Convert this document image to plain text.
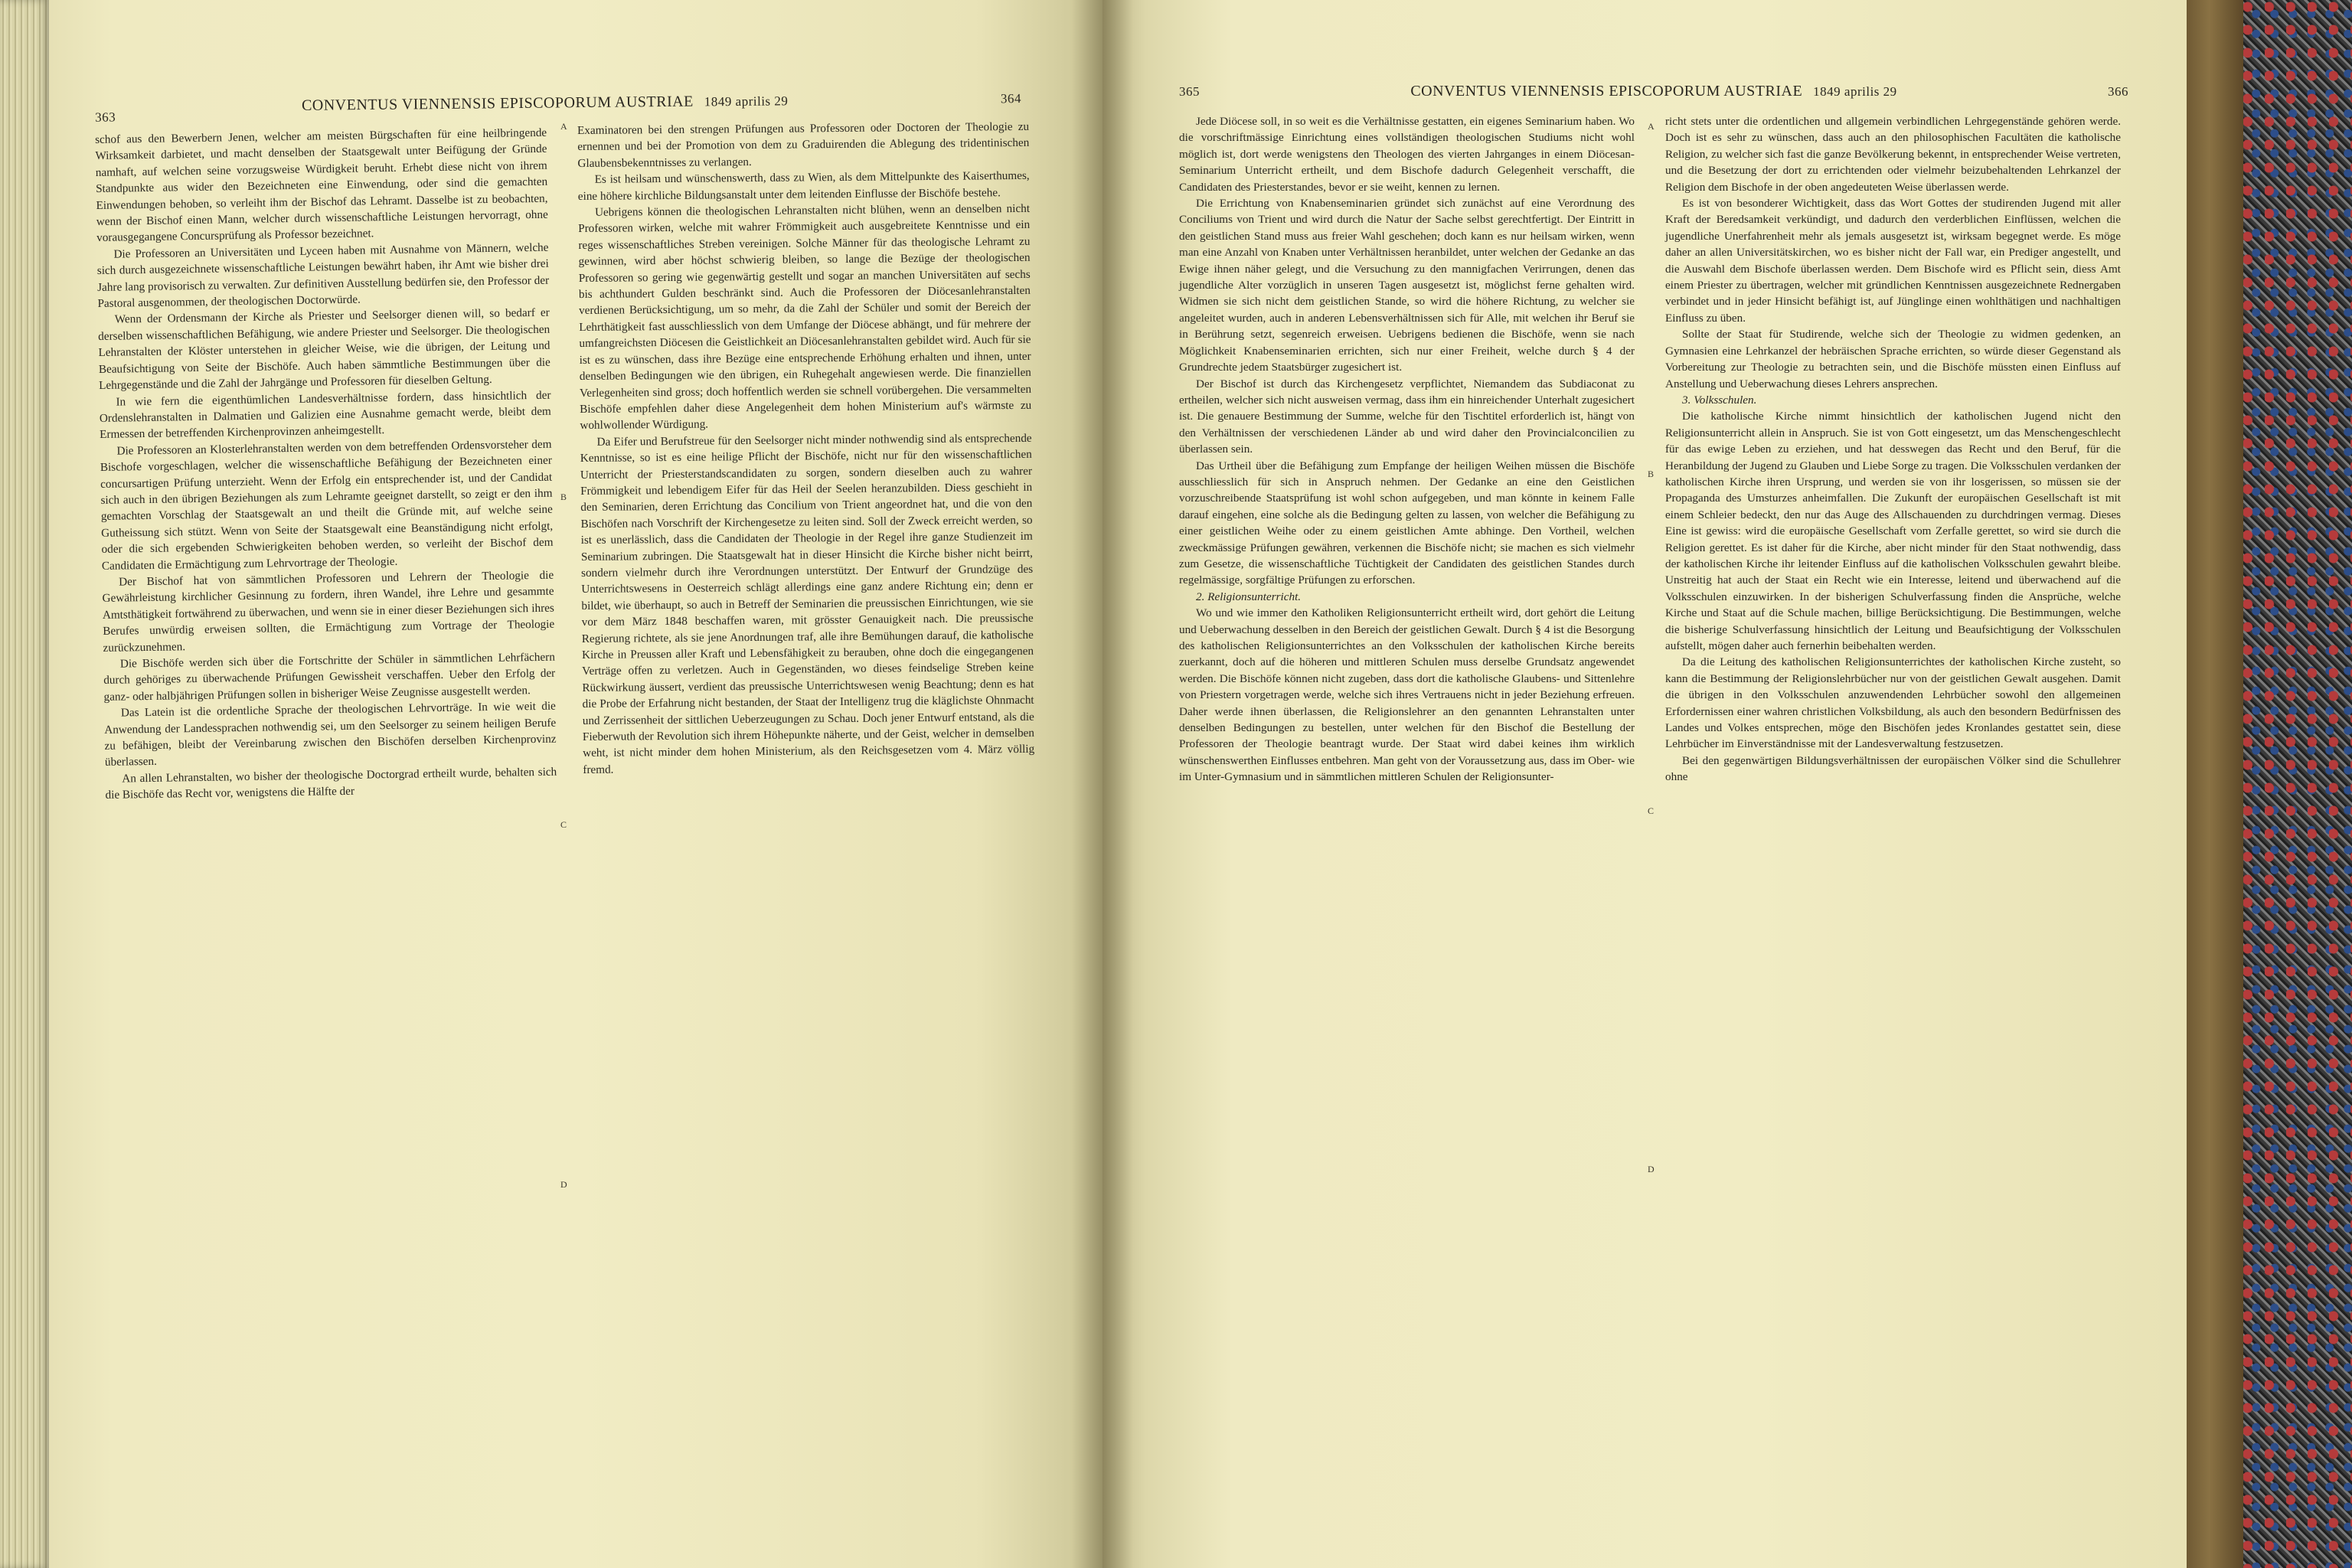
363
CONVENTUS VIENNENSIS EPISCOPORUM AUSTRIAE 1849 aprilis 29	364

schof aus den Bewerbern Jenen, welcher am meisten Bürgschaften für eine heilbringende Wirksamkeit darbietet, und macht denselben der Staatsgewalt unter Beifügung der Gründe namhaft, auf welchen seine vorzugsweise Würdigkeit beruht. Erhebt diese nicht von ihrem Standpunkte aus wider den Bezeichneten eine Einwendung, oder sind die gemachten Einwendungen behoben, so verleiht ihm der Bischof das Lehramt. Dasselbe ist zu beobachten, wenn der Bischof einen Mann, welcher durch wissenschaftliche Leistungen hervorragt, ohne vorausgegangene Concursprüfung als Professor bezeichnet.

Die Professoren an Universitäten und Lyceen haben mit Ausnahme von Männern, welche sich durch ausgezeichnete wissenschaftliche Leistungen bewährt haben, ihr Amt wie bisher drei Jahre lang provisorisch zu verwalten. Zur definitiven Ausstellung bedürfen sie, den Professor der Pastoral ausgenommen, der theologischen Doctorwürde.

Wenn der Ordensmann der Kirche als Priester und Seelsorger dienen will, so bedarf er derselben wissenschaftlichen Befähigung, wie andere Priester und Seelsorger. Die theologischen Lehranstalten der Klöster unterstehen in gleicher Weise, wie die übrigen, der Leitung und Beaufsichtigung von Seite der Bischöfe. Auch haben sämmtliche Bestimmungen über die Lehrgegenstände und die Zahl der Jahrgänge und Professoren für dieselben Geltung.

In wie fern die eigenthümlichen Landesverhältnisse fordern, dass hinsichtlich der Ordenslehranstalten in Dalmatien und Galizien eine Ausnahme gemacht werde, bleibt dem Ermessen der betreffenden Kirchenprovinzen anheimgestellt.

Die Professoren an Klosterlehranstalten werden von dem betreffenden Ordensvorsteher dem Bischofe vorgeschlagen, welcher die wissenschaftliche Befähigung der Bezeichneten einer concursartigen Prüfung unterzieht. Wenn der Erfolg ein entsprechender ist, und der Candidat sich auch in den übrigen Beziehungen als zum Lehramte geeignet darstellt, so zeigt er den ihm gemachten Vorschlag der Staatsgewalt an und theilt die Gründe mit, auf welche seine Gutheissung sich stützt. Wenn von Seite der Staatsgewalt eine Beanständigung nicht erfolgt, oder die sich ergebenden Schwierigkeiten behoben werden, so verleiht der Bischof dem Candidaten die Ermächtigung zum Lehrvortrage der Theologie.

Der Bischof hat von sämmtlichen Professoren und Lehrern der Theologie die Gewährleistung kirchlicher Gesinnung zu fordern, ihren Wandel, ihre Lehre und gesammte Amtsthätigkeit fortwährend zu überwachen, und wenn sie in einer dieser Beziehungen sich ihres Berufes unwürdig erweisen sollten, die Ermächtigung zum Vortrage der Theologie zurückzunehmen.

Die Bischöfe werden sich über die Fortschritte der Schüler in sämmtlichen Lehrfächern durch gehöriges zu überwachende Prüfungen Gewissheit verschaffen. Ueber den Erfolg der ganz- oder halbjährigen Prüfungen sollen in bisheriger Weise Zeugnisse ausgestellt werden.

Das Latein ist die ordentliche Sprache der theologischen Lehrvorträge. In wie weit die Anwendung der Landessprachen nothwendig sei, um den Seelsorger zu seinem heiligen Berufe zu befähigen, bleibt der Vereinbarung zwischen den Bischöfen derselben Kirchenprovinz überlassen.

An allen Lehranstalten, wo bisher der theologische Doctorgrad ertheilt wurde, behalten sich die Bischöfe das Recht vor, wenigstens die Hälfte der

Examinatoren bei den strengen Prüfungen aus Professoren oder Doctoren der Theologie zu ernennen und bei der Promotion von dem zu Graduirenden die Ablegung des tridentinischen Glaubensbekenntnisses zu verlangen.

Es ist heilsam und wünschenswerth, dass zu Wien, als dem Mittelpunkte des Kaiserthumes, eine höhere kirchliche Bildungsanstalt unter dem leitenden Einflusse der Bischöfe bestehe.

Uebrigens können die theologischen Lehranstalten nicht blühen, wenn an denselben nicht Professoren wirken, welche mit wahrer Frömmigkeit auch ausgebreitete Kenntnisse und ein reges wissenschaftliches Streben vereinigen. Solche Männer für das theologische Lehramt zu gewinnen, wird aber höchst schwierig bleiben, so lange die Bezüge der theologischen Professoren so gering wie gegenwärtig gestellt und sogar an manchen Universitäten auf sechs bis achthundert Gulden beschränkt sind. Auch die Professoren der Diöcesanlehranstalten verdienen Berücksichtigung, um so mehr, da die Zahl der Schüler und somit der Bereich der Lehrthätigkeit fast ausschliesslich von dem Umfange der Diöcese abhängt, und für mehrere der umfangreichsten Diöcesen die Geistlichkeit an Diöcesanlehranstalten gebildet wird. Auch für sie ist es zu wünschen, dass ihre Bezüge eine entsprechende Erhöhung erhalten und ihnen, unter denselben Bedingungen wie den übrigen, ein Ruhegehalt angewiesen werde. Die finanziellen Verlegenheiten sind gross; doch hoffentlich werden sie schnell vorübergehen. Die versammelten Bischöfe empfehlen daher diese Angelegenheit dem hohen Ministerium auf's wärmste zu wohlwollender Würdigung.

Da Eifer und Berufstreue für den Seelsorger nicht minder nothwendig sind als entsprechende Kenntnisse, so ist es eine heilige Pflicht der Bischöfe, nicht nur für den wissenschaftlichen Unterricht der Priesterstandscandidaten zu sorgen, sondern dieselben auch zu wahrer Frömmigkeit und lebendigem Eifer für das Heil der Seelen heranzubilden. Diess geschieht in den Seminarien, deren Errichtung das Concilium von Trient angeordnet hat, und die von den Bischöfen nach Vorschrift der Kirchengesetze zu leiten sind. Soll der Zweck erreicht werden, so ist es unerlässlich, dass die Candidaten der Theologie in der Regel ihre ganze Studienzeit im Seminarium zubringen. Die Staatsgewalt hat in dieser Hinsicht die Kirche bisher nicht beirrt, sondern vielmehr durch ihre Verordnungen unterstützt. Der Entwurf der Grundzüge des Unterrichtswesens in Oesterreich schlägt allerdings eine ganz andere Richtung ein; denn er bildet, wie überhaupt, so auch in Betreff der Seminarien die preussischen Einrichtungen, wie sie vor dem März 1848 beschaffen waren, mit grösster Genauigkeit nach. Die preussische Regierung richtete, als sie jene Anordnungen traf, alle ihre Bemühungen darauf, die katholische Kirche in Preussen aller Kraft und Lebensfähigkeit zu berauben, ohne doch die eingegangenen Verträge offen zu verletzen. Auch in Gegenständen, wo dieses feindselige Streben keine Rückwirkung äussert, verdient das preussische Unterrichtswesen wenig Beachtung; denn es hat die Probe der Erfahrung nicht bestanden, der Staat der Intelligenz trug die kläglichste Ohnmacht und Zerrissenheit der sittlichen Ueberzeugungen zu Schau. Doch jener Entwurf entstand, als die Fieberwuth der Revolution sich ihrem Höhepunkte näherte, und der Geist, welcher in demselben weht, ist nicht minder dem hohen Ministerium, als den Reichsgesetzen vom 4. März völlig fremd.

A
B
C
D
365	CONVENTUS VIENNENSIS EPISCOPORUM AUSTRIAE 1849 aprilis 29	366

Jede Diöcese soll, in so weit es die Verhältnisse gestatten, ein eigenes Seminarium haben. Wo die vorschriftmässige Einrichtung eines vollständigen theologischen Studiums nicht wohl möglich ist, dort werde wenigstens den Theologen des vierten Jahrganges in einem Diöcesan-Seminarium Unterricht ertheilt, und dem Bischofe dadurch Gelegenheit verschafft, die Candidaten des Priesterstandes, bevor er sie weiht, kennen zu lernen.

Die Errichtung von Knabenseminarien gründet sich zunächst auf eine Verordnung des Conciliums von Trient und wird durch die Natur der Sache selbst gerechtfertigt. Der Eintritt in den geistlichen Stand muss aus freier Wahl geschehen; doch kann es nur heilsam wirken, wenn man eine Anzahl von Knaben unter Verhältnissen heranbildet, unter welchen der Gedanke an das Ewige ihnen näher gelegt, und die Versuchung zu den mannigfachen Verirrungen, denen das jugendliche Alter vorzüglich in unseren Tagen ausgesetzt ist, möglichst ferne gehalten wird. Widmen sie sich nicht dem geistlichen Stande, so wird die höhere Richtung, zu welcher sie angeleitet wurden, auch in anderen Lebensverhältnissen sich für Alle, mit welchen ihr Beruf sie in Berührung setzt, segenreich erweisen. Uebrigens bedienen die Bischöfe, wenn sie nach Möglichkeit Knabenseminarien errichten, sich nur einer Freiheit, welche durch § 4 der Grundrechte jedem Staatsbürger zugesichert ist.

Der Bischof ist durch das Kirchengesetz verpflichtet, Niemandem das Subdiaconat zu ertheilen, welcher sich nicht ausweisen vermag, dass ihm ein hinreichender Unterhalt zugesichert ist. Die genauere Bestimmung der Summe, welche für den Tischtitel erforderlich ist, hängt von den Verhältnissen der verschiedenen Länder ab und wird daher den Provincialconcilien zu überlassen sein.

Das Urtheil über die Befähigung zum Empfange der heiligen Weihen müssen die Bischöfe ausschliesslich für sich in Anspruch nehmen. Der Gedanke an eine den Geistlichen vorzuschreibende Staatsprüfung ist wohl schon aufgegeben, und man könnte in keinem Falle darauf eingehen, eine solche als die Bedingung gelten zu lassen, von welcher die Befähigung zu einer geistlichen Weihe oder zu einem geistlichen Amte abhinge. Den Vortheil, welchen zweckmässige Prüfungen gewähren, verkennen die Bischöfe nicht; sie machen es sich vielmehr zum Gesetze, die wissenschaftliche Tüchtigkeit der Candidaten des geistlichen Standes durch regelmässige, sorgfältige Prüfungen zu erforschen.

2. Religionsunterricht.

Wo und wie immer den Katholiken Religionsunterricht ertheilt wird, dort gehört die Leitung und Ueberwachung desselben in den Bereich der geistlichen Gewalt. Durch § 4 ist die Besorgung des katholischen Religionsunterrichtes an den Volksschulen der katholischen Kirche bereits zuerkannt, doch auf die höheren und mittleren Schulen muss derselbe Grundsatz angewendet werden. Die Bischöfe können nicht zugeben, dass dort die katholische Glaubens- und Sittenlehre von Priestern vorgetragen werde, welche sich ihres Vertrauens nicht in jeder Beziehung erfreuen. Daher werde ihnen überlassen, die Religionslehrer an den genannten Lehranstalten unter denselben Bedingungen zu bestellen, unter welchen für den Bischof die Bestellung der Professoren der Theologie beantragt wurde. Der Staat wird dabei keines ihm wirklich wünschenswerthen Einflusses entbehren. Man geht von der Voraussetzung aus, dass im Ober- wie im Unter-Gymnasium und in sämmtlichen mittleren Schulen der Religionsunter-

richt stets unter die ordentlichen und allgemein verbindlichen Lehrgegenstände gehören werde. Doch ist es sehr zu wünschen, dass auch an den philosophischen Facultäten die katholische Religion, zu welcher sich fast die ganze Bevölkerung bekennt, in entsprechender Weise vertreten, und die Besetzung der dort zu errichtenden oder vielmehr beizubehaltenden Lehrkanzel der Religion dem Bischofe in der oben angedeuteten Weise überlassen werde.

Es ist von besonderer Wichtigkeit, dass das Wort Gottes der studirenden Jugend mit aller Kraft der Beredsamkeit verkündigt, und dadurch den verderblichen Einflüssen, welchen die jugendliche Unerfahrenheit mehr als jemals ausgesetzt ist, wirksam begegnet werde. Es möge daher an allen Universitätskirchen, wo es bisher nicht der Fall war, ein Prediger angestellt, und die Auswahl dem Bischofe überlassen werden. Dem Bischofe wird es Pflicht sein, diess Amt einem Priester zu übertragen, welcher mit gründlichen Kenntnissen ausgezeichnete Rednergaben verbindet und in jeder Hinsicht befähigt ist, auf Jünglinge einen wohlthätigen und nachhaltigen Einfluss zu üben.

Sollte der Staat für Studirende, welche sich der Theologie zu widmen gedenken, an Gymnasien eine Lehrkanzel der hebräischen Sprache errichten, so würde dieser Gegenstand als Vorbereitung zur Theologie zu betrachten sein, und die Bischöfe müssten einen Einfluss auf Anstellung und Ueberwachung dieses Lehrers ansprechen.

3. Volksschulen.

Die katholische Kirche nimmt hinsichtlich der katholischen Jugend nicht den Religionsunterricht allein in Anspruch. Sie ist von Gott eingesetzt, um das Menschengeschlecht für das ewige Leben zu erziehen, und hat desswegen das Recht und den Beruf, für die Heranbildung der Jugend zu Glauben und Liebe Sorge zu tragen. Die Volksschulen verdanken der katholischen Kirche ihren Ursprung, und werden sie von ihr losgerissen, so müssen sie der Propaganda des Umsturzes anheimfallen. Die Zukunft der europäischen Gesellschaft ist mit einem Schleier bedeckt, den nur das Auge des Allschauenden zu durchdringen vermag. Dieses Eine ist gewiss: wird die europäische Gesellschaft vom Zerfalle gerettet, so wird sie durch die Religion gerettet. Es ist daher für die Kirche, aber nicht minder für den Staat nothwendig, dass der katholischen Kirche ihr leitender Einfluss auf die katholischen Volksschulen gewahrt bleibe. Unstreitig hat auch der Staat ein Recht wie ein Interesse, leitend und überwachend auf die Volksschulen einzuwirken. In der bisherigen Schulverfassung finden die Ansprüche, welche Kirche und Staat auf die Schule machen, billige Berücksichtigung. Die Bestimmungen, welche die bisherige Schulverfassung hinsichtlich der Leitung und Beaufsichtigung der Volksschulen aufstellt, mögen daher auch fernerhin beibehalten werden.

Da die Leitung des katholischen Religionsunterrichtes der katholischen Kirche zusteht, so kann die Bestimmung der Religionslehrbücher nur von der geistlichen Gewalt ausgehen. Damit die übrigen in den Volksschulen anzuwendenden Lehrbücher sowohl den allgemeinen Erfordernissen einer wahren christlichen Volksbildung, als auch den besondern Bedürfnissen des Landes und Volkes entsprechen, möge den Bischöfen jedes Kronlandes gestattet sein, diese Lehrbücher im Einverständnisse mit der Landesverwaltung festzusetzen.

Bei den gegenwärtigen Bildungsverhältnissen der europäischen Völker sind die Schullehrer ohne

A
B
C
D
